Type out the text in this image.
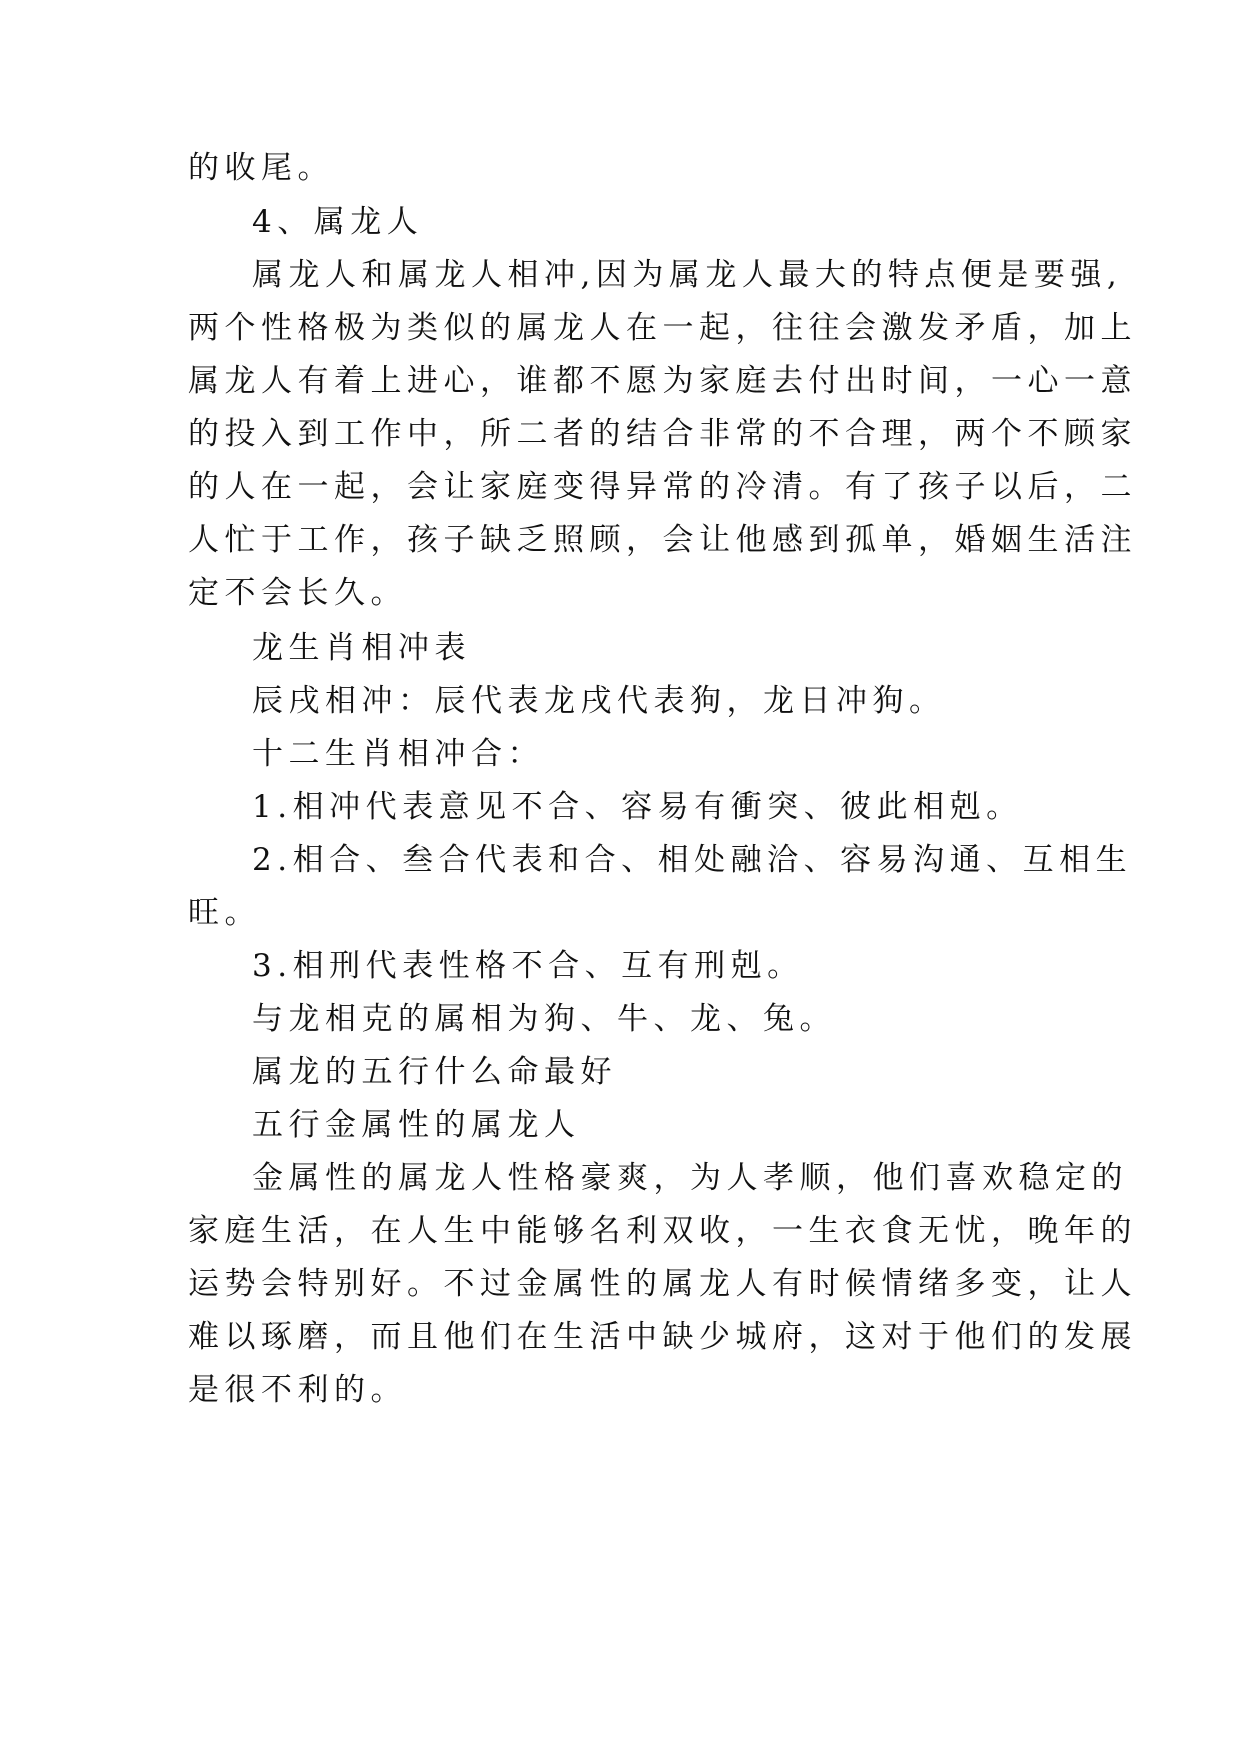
的收尾。
4、属龙人
属龙人和属龙人相冲,因为属龙人最大的特点便是要强,
两个性格极为类似的属龙人在一起，往往会激发矛盾，加上
属龙人有着上进心，谁都不愿为家庭去付出时间，一心一意
的投入到工作中，所二者的结合非常的不合理，两个不顾家
的人在一起，会让家庭变得异常的冷清。有了孩子以后，二
人忙于工作，孩子缺乏照顾，会让他感到孤单，婚姻生活注
定不会长久。
龙生肖相冲表
辰戌相冲：辰代表龙戌代表狗，龙日冲狗。
十二生肖相冲合：
1.相冲代表意见不合、容易有衝突、彼此相剋。
2.相合、叁合代表和合、相处融洽、容易沟通、互相生
旺。
3.相刑代表性格不合、互有刑剋。
与龙相克的属相为狗、牛、龙、兔。
属龙的五行什么命最好
五行金属性的属龙人
金属性的属龙人性格豪爽，为人孝顺，他们喜欢稳定的
家庭生活，在人生中能够名利双收，一生衣食无忧，晚年的
运势会特别好。不过金属性的属龙人有时候情绪多变，让人
难以琢磨，而且他们在生活中缺少城府，这对于他们的发展
是很不利的。
